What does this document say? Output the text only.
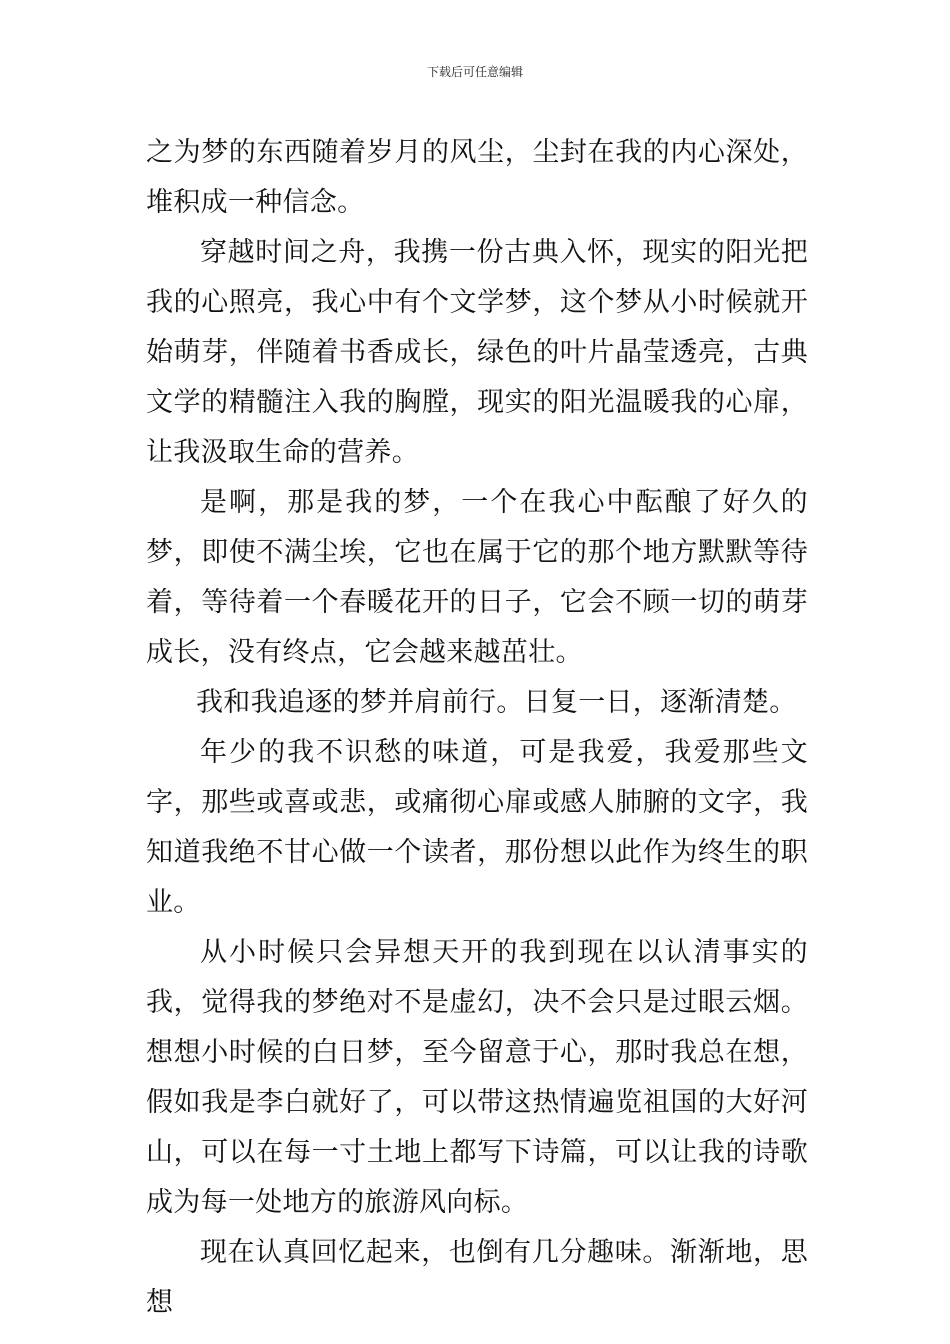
下载后可任意编辑

之为梦的东西随着岁月的风尘，尘封在我的内心深处，堆积成一种信念。

穿越时间之舟，我携一份古典入怀，现实的阳光把我的心照亮，我心中有个文学梦，这个梦从小时候就开始萌芽，伴随着书香成长，绿色的叶片晶莹透亮，古典文学的精髓注入我的胸膛，现实的阳光温暖我的心扉，让我汲取生命的营养。

是啊，那是我的梦，一个在我心中酝酿了好久的梦，即使不满尘埃，它也在属于它的那个地方默默等待着，等待着一个春暖花开的日子，它会不顾一切的萌芽成长，没有终点，它会越来越茁壮。

我和我追逐的梦并肩前行。日复一日，逐渐清楚。

年少的我不识愁的味道，可是我爱，我爱那些文字，那些或喜或悲，或痛彻心扉或感人肺腑的文字，我知道我绝不甘心做一个读者，那份想以此作为终生的职业。

从小时候只会异想天开的我到现在以认清事实的我，觉得我的梦绝对不是虚幻，决不会只是过眼云烟。想想小时候的白日梦，至今留意于心，那时我总在想，假如我是李白就好了，可以带这热情遍览祖国的大好河山，可以在每一寸土地上都写下诗篇，可以让我的诗歌成为每一处地方的旅游风向标。

现在认真回忆起来，也倒有几分趣味。渐渐地，思想
